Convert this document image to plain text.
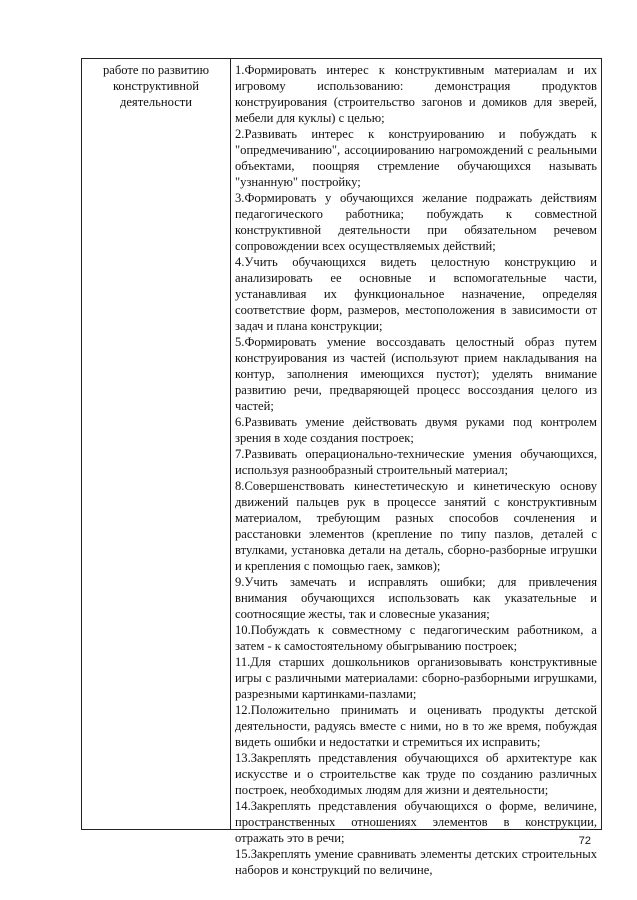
работе по развитию конструктивной деятельности

1.Формировать интерес к конструктивным материалам и их игровому использованию: демонстрация продуктов конструирования (строительство загонов и домиков для зверей, мебели для куклы) с целью;

2.Развивать интерес к конструированию и побуждать к "опредмечиванию", ассоциированию нагромождений с реальными объектами, поощряя стремление обучающихся называть "узнанную" постройку;

3.Формировать у обучающихся желание подражать действиям педагогического работника; побуждать к совместной конструктивной деятельности при обязательном речевом сопровождении всех осуществляемых действий;

4.Учить обучающихся видеть целостную конструкцию и анализировать ее основные и вспомогательные части, устанавливая их функциональное назначение, определяя соответствие форм, размеров, местоположения в зависимости от задач и плана конструкции;

5.Формировать умение воссоздавать целостный образ путем конструирования из частей (используют прием накладывания на контур, заполнения имеющихся пустот); уделять внимание развитию речи, предваряющей процесс воссоздания целого из частей;

6.Развивать умение действовать двумя руками под контролем зрения в ходе создания построек;

7.Развивать операционально-технические умения обучающихся, используя разнообразный строительный материал;

8.Совершенствовать кинестетическую и кинетическую основу движений пальцев рук в процессе занятий с конструктивным материалом, требующим разных способов сочленения и расстановки элементов (крепление по типу пазлов, деталей с втулками, установка детали на деталь, сборно-разборные игрушки и крепления с помощью гаек, замков);

9.Учить замечать и исправлять ошибки; для привлечения внимания обучающихся использовать как указательные и соотносящие жесты, так и словесные указания;

10.Побуждать к совместному с педагогическим работником, а затем - к самостоятельному обыгрыванию построек;

11.Для старших дошкольников организовывать конструктивные игры с различными материалами: сборно-разборными игрушками, разрезными картинками-пазлами;

12.Положительно принимать и оценивать продукты детской деятельности, радуясь вместе с ними, но в то же время, побуждая видеть ошибки и недостатки и стремиться их исправить;

13.Закреплять представления обучающихся об архитектуре как искусстве и о строительстве как труде по созданию различных построек, необходимых людям для жизни и деятельности;

14.Закреплять представления обучающихся о форме, величине, пространственных отношениях элементов в конструкции, отражать это в речи;

15.Закреплять умение сравнивать элементы детских строительных наборов и конструкций по величине,

72
